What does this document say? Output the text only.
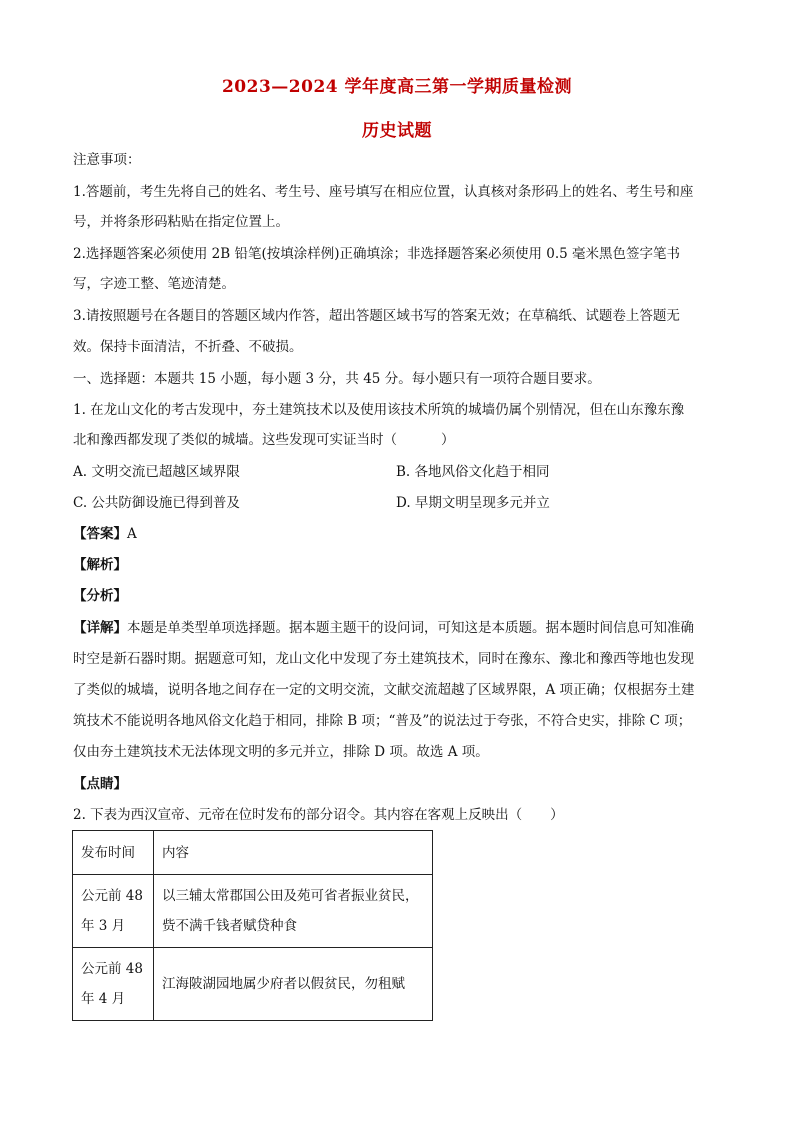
2023—2024 学年度高三第一学期质量检测
历史试题
注意事项：
1.答题前，考生先将自己的姓名、考生号、座号填写在相应位置，认真核对条形码上的姓名、考生号和座
号，并将条形码粘贴在指定位置上。
2.选择题答案必须使用 2B 铅笔(按填涂样例)正确填涂；非选择题答案必须使用 0.5 毫米黑色签字笔书
写，字迹工整、笔迹清楚。
3.请按照题号在各题目的答题区域内作答，超出答题区域书写的答案无效；在草稿纸、试题卷上答题无
效。保持卡面清洁，不折叠、不破损。
一、选择题：本题共 15 小题，每小题 3 分，共 45 分。每小题只有一项符合题目要求。
1. 在龙山文化的考古发现中，夯土建筑技术以及使用该技术所筑的城墙仍属个别情况，但在山东豫东豫
北和豫西都发现了类似的城墙。这些发现可实证当时（	）
A. 文明交流已超越区域界限	B. 各地风俗文化趋于相同
C. 公共防御设施已得到普及	D. 早期文明呈现多元并立
【答案】A
【解析】
【分析】
【详解】本题是单类型单项选择题。据本题主题干的设问词，可知这是本质题。据本题时间信息可知准确
时空是新石器时期。据题意可知，龙山文化中发现了夯土建筑技术，同时在豫东、豫北和豫西等地也发现
了类似的城墙，说明各地之间存在一定的文明交流，文献交流超越了区域界限，A 项正确；仅根据夯土建
筑技术不能说明各地风俗文化趋于相同，排除 B 项；“普及”的说法过于夸张，不符合史实，排除 C 项；
仅由夯土建筑技术无法体现文明的多元并立，排除 D 项。故选 A 项。
【点睛】
2. 下表为西汉宣帝、元帝在位时发布的部分诏令。其内容在客观上反映出（ ）
发布时间	内容

公元前 48
年 3 月	以三辅太常郡国公田及苑可省者振业贫民，
赀不满千钱者赋贷种食

公元前 48
年 4 月	江海陂湖园地属少府者以假贫民，勿租赋
